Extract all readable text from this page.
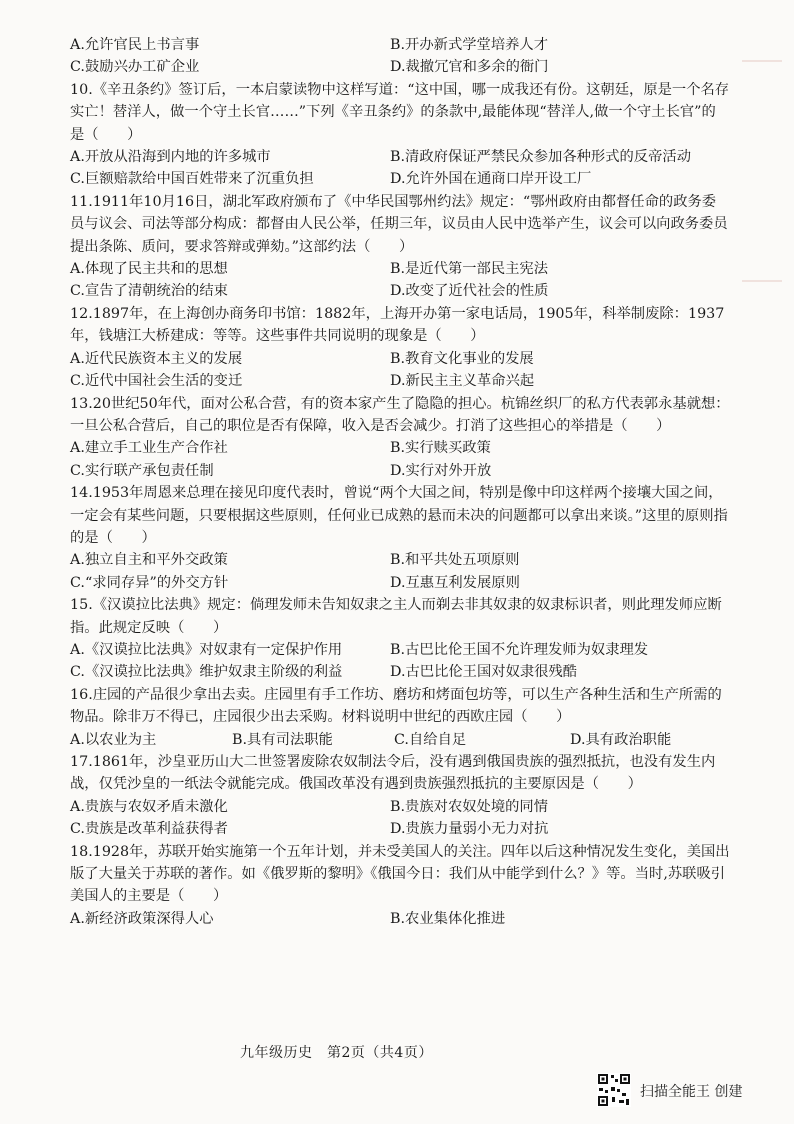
A.允许官民上书言事	B.开办新式学堂培养人才
C.鼓励兴办工矿企业	D.裁撤冗官和多余的衙门

10.《辛丑条约》签订后，一本启蒙读物中这样写道：“这中国，哪一成我还有份。这朝廷，原是一个名存实亡！替洋人，做一个守土长官……”下列《辛丑条约》的条款中,最能体现“替洋人,做一个守土长官”的是（　　）

A.开放从沿海到内地的许多城市	B.清政府保证严禁民众参加各种形式的反帝活动
C.巨额赔款给中国百姓带来了沉重负担	D.允许外国在通商口岸开设工厂

11.1911年10月16日，湖北军政府颁布了《中华民国鄂州约法》规定：“鄂州政府由都督任命的政务委员与议会、司法等部分构成：都督由人民公举，任期三年，议员由人民中选举产生，议会可以向政务委员提出条陈、质问，要求答辩或弹劾。”这部约法（　　）

A.体现了民主共和的思想	B.是近代第一部民主宪法
C.宣告了清朝统治的结束	D.改变了近代社会的性质

12.1897年，在上海创办商务印书馆：1882年，上海开办第一家电话局，1905年，科举制废除：1937年，钱塘江大桥建成：等等。这些事件共同说明的现象是（　　）

A.近代民族资本主义的发展	B.教育文化事业的发展
C.近代中国社会生活的变迁	D.新民主主义革命兴起

13.20世纪50年代，面对公私合营，有的资本家产生了隐隐的担心。杭锦丝织厂的私方代表郭永基就想：一旦公私合营后，自己的职位是否有保障，收入是否会减少。打消了这些担心的举措是（　　）

A.建立手工业生产合作社	B.实行赎买政策
C.实行联产承包责任制	D.实行对外开放

14.1953年周恩来总理在接见印度代表时，曾说“两个大国之间，特别是像中印这样两个接壤大国之间，一定会有某些问题，只要根据这些原则，任何业已成熟的悬而未决的问题都可以拿出来谈。”这里的原则指的是（　　）

A.独立自主和平外交政策	B.和平共处五项原则
C.“求同存异”的外交方针	D.互惠互利发展原则

15.《汉谟拉比法典》规定：倘理发师未告知奴隶之主人而剃去非其奴隶的奴隶标识者，则此理发师应断指。此规定反映（　　）

A.《汉谟拉比法典》对奴隶有一定保护作用	B.古巴比伦王国不允许理发师为奴隶理发
C.《汉谟拉比法典》维护奴隶主阶级的利益	D.古巴比伦王国对奴隶很残酷

16.庄园的产品很少拿出去卖。庄园里有手工作坊、磨坊和烤面包坊等，可以生产各种生活和生产所需的物品。除非万不得已，庄园很少出去采购。材料说明中世纪的西欧庄园（　　）

A.以农业为主	B.具有司法职能	C.自给自足	D.具有政治职能

17.1861年，沙皇亚历山大二世签署废除农奴制法令后，没有遇到俄国贵族的强烈抵抗，也没有发生内战，仅凭沙皇的一纸法令就能完成。俄国改革没有遇到贵族强烈抵抗的主要原因是（　　）

A.贵族与农奴矛盾未激化	B.贵族对农奴处境的同情
C.贵族是改革利益获得者	D.贵族力量弱小无力对抗

18.1928年，苏联开始实施第一个五年计划，并未受美国人的关注。四年以后这种情况发生变化，美国出版了大量关于苏联的著作。如《俄罗斯的黎明》《俄国今日：我们从中能学到什么？》等。当时,苏联吸引美国人的主要是（　　）

A.新经济政策深得人心	B.农业集体化推进
九年级历史　第2页（共4页）
扫描全能王 创建
